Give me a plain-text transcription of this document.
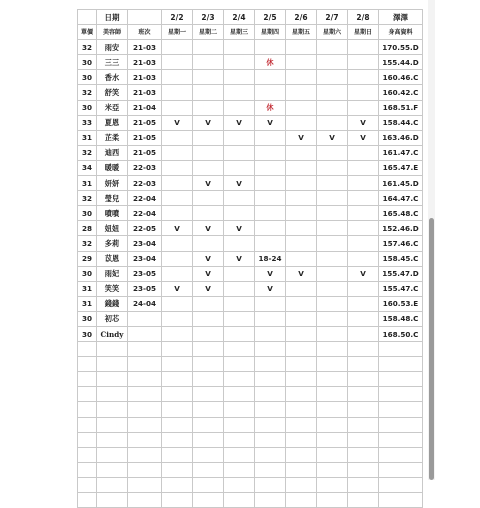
	日期		2/2	2/3	2/4	2/5	2/6	2/7	2/8	澤澤
單價	美容師	班次	星期一	星期二	星期三	星期四	星期五	星期六	星期日	身高資料
32	雨安	21-03								170.55.D
30	三三	21-03				休				155.44.D
30	香水	21-03								160.46.C
32	舒笑	21-03								160.42.C
30	米亞	21-04				休				168.51.F
33	夏恩	21-05	V	V	V	V			V	158.44.C
31	芷柔	21-05					V	V	V	163.46.D
32	迪西	21-05								161.47.C
34	暖暖	22-03								165.47.E
31	妍妍	22-03		V	V					161.45.D
32	瑩兒	22-04								164.47.C
30	噴噴	22-04								165.48.C
28	妞妞	22-05	V	V	V					152.46.D
32	多莉	23-04								157.46.C
29	苡恩	23-04		V	V	18-24				158.45.C
30	雨妃	23-05		V		V	V		V	155.47.D
31	笑笑	23-05	V	V		V				155.47.C
31	錢錢	24-04								160.53.E
30	初芯									158.48.C
30	Cindy									168.50.C
